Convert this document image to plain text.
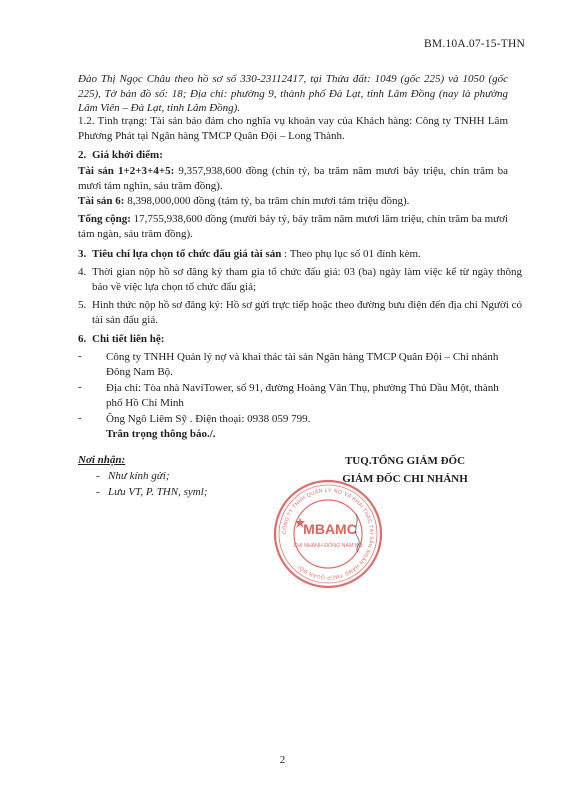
BM.10A.07-15-THN
Đào Thị Ngọc Châu theo hồ sơ số 330-23112417, tại Thửa đất: 1049 (gốc 225) và 1050 (gốc 225), Tờ bản đồ số: 18; Địa chỉ: phường 9, thành phố Đà Lạt, tỉnh Lâm Đồng (nay là phường Lâm Viên – Đà Lạt, tỉnh Lâm Đồng).
1.2. Tình trạng: Tài sản bảo đảm cho nghĩa vụ khoản vay của Khách hàng: Công ty TNHH Lâm Phương Phát tại Ngân hàng TMCP Quân Đội – Long Thành.
2. Giá khởi điểm:
Tài sản 1+2+3+4+5: 9,357,938,600 đồng (chín tỷ, ba trăm năm mươi bảy triệu, chín trăm ba mươi tám nghìn, sáu trăm đồng).
Tài sản 6: 8,398,000,000 đồng (tám tỷ, ba trăm chín mươi tám triệu đồng).
Tổng cộng: 17,755,938,600 đồng (mười bảy tỷ, bảy trăm năm mươi lăm triệu, chín trăm ba mươi tám ngàn, sáu trăm đồng).
3. Tiêu chí lựa chọn tổ chức đấu giá tài sản : Theo phụ lục số 01 đính kèm.
4. Thời gian nộp hồ sơ đăng ký tham gia tổ chức đấu giá: 03 (ba) ngày làm việc kể từ ngày thông báo về việc lựa chọn tổ chức đấu giá;
5. Hình thức nộp hồ sơ đăng ký: Hồ sơ gửi trực tiếp hoặc theo đường bưu điện đến địa chỉ Người có tài sản đấu giá.
6. Chi tiết liên hệ:
- Công ty TNHH Quản lý nợ và khai thác tài sản Ngân hàng TMCP Quân Đội – Chi nhánh Đông Nam Bộ.
- Địa chỉ: Tòa nhà NaviTower, số 91, đường Hoàng Văn Thụ, phường Thủ Dầu Một, thành phố Hồ Chí Minh
- Ông Ngô Liêm Sỹ . Điện thoại: 0938 059 799.
Trân trọng thông báo./.
Nơi nhận:
- Như kính gửi;
- Lưu VT, P. THN, syml;
TUQ.TỔNG GIÁM ĐỐC
GIÁM ĐỐC CHI NHÁNH
CÔNG TY TNHH QUẢN LÝ NỢ VÀ KHAI THÁC TÀI SẢN NGÂN HÀNG TMCP QUÂN ĐỘI
MBAMC
CHI NHÁNH ĐÔNG NAM BỘ
2
